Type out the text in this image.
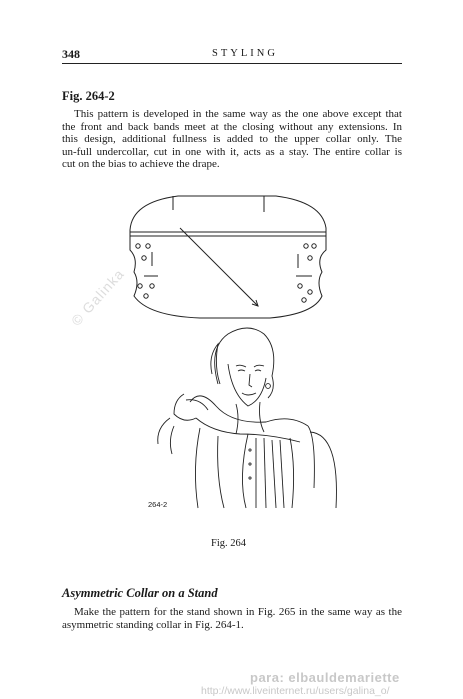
348	STYLING
Fig. 264-2
This pattern is developed in the same way as the one above except that
the front and back bands meet at the closing without any extensions. In
this design, additional fullness is added to the upper collar only. The
un-full undercollar, cut in one with it, acts as a stay. The entire collar is
cut on the bias to achieve the drape.
© Galinka
264-2
Fig. 264
Asymmetric Collar on a Stand
Make the pattern for the stand shown in Fig. 265 in the same way as the
asymmetric standing collar in Fig. 264-1.
para: elbauldemariette
http://www.liveinternet.ru/users/galina_o/
